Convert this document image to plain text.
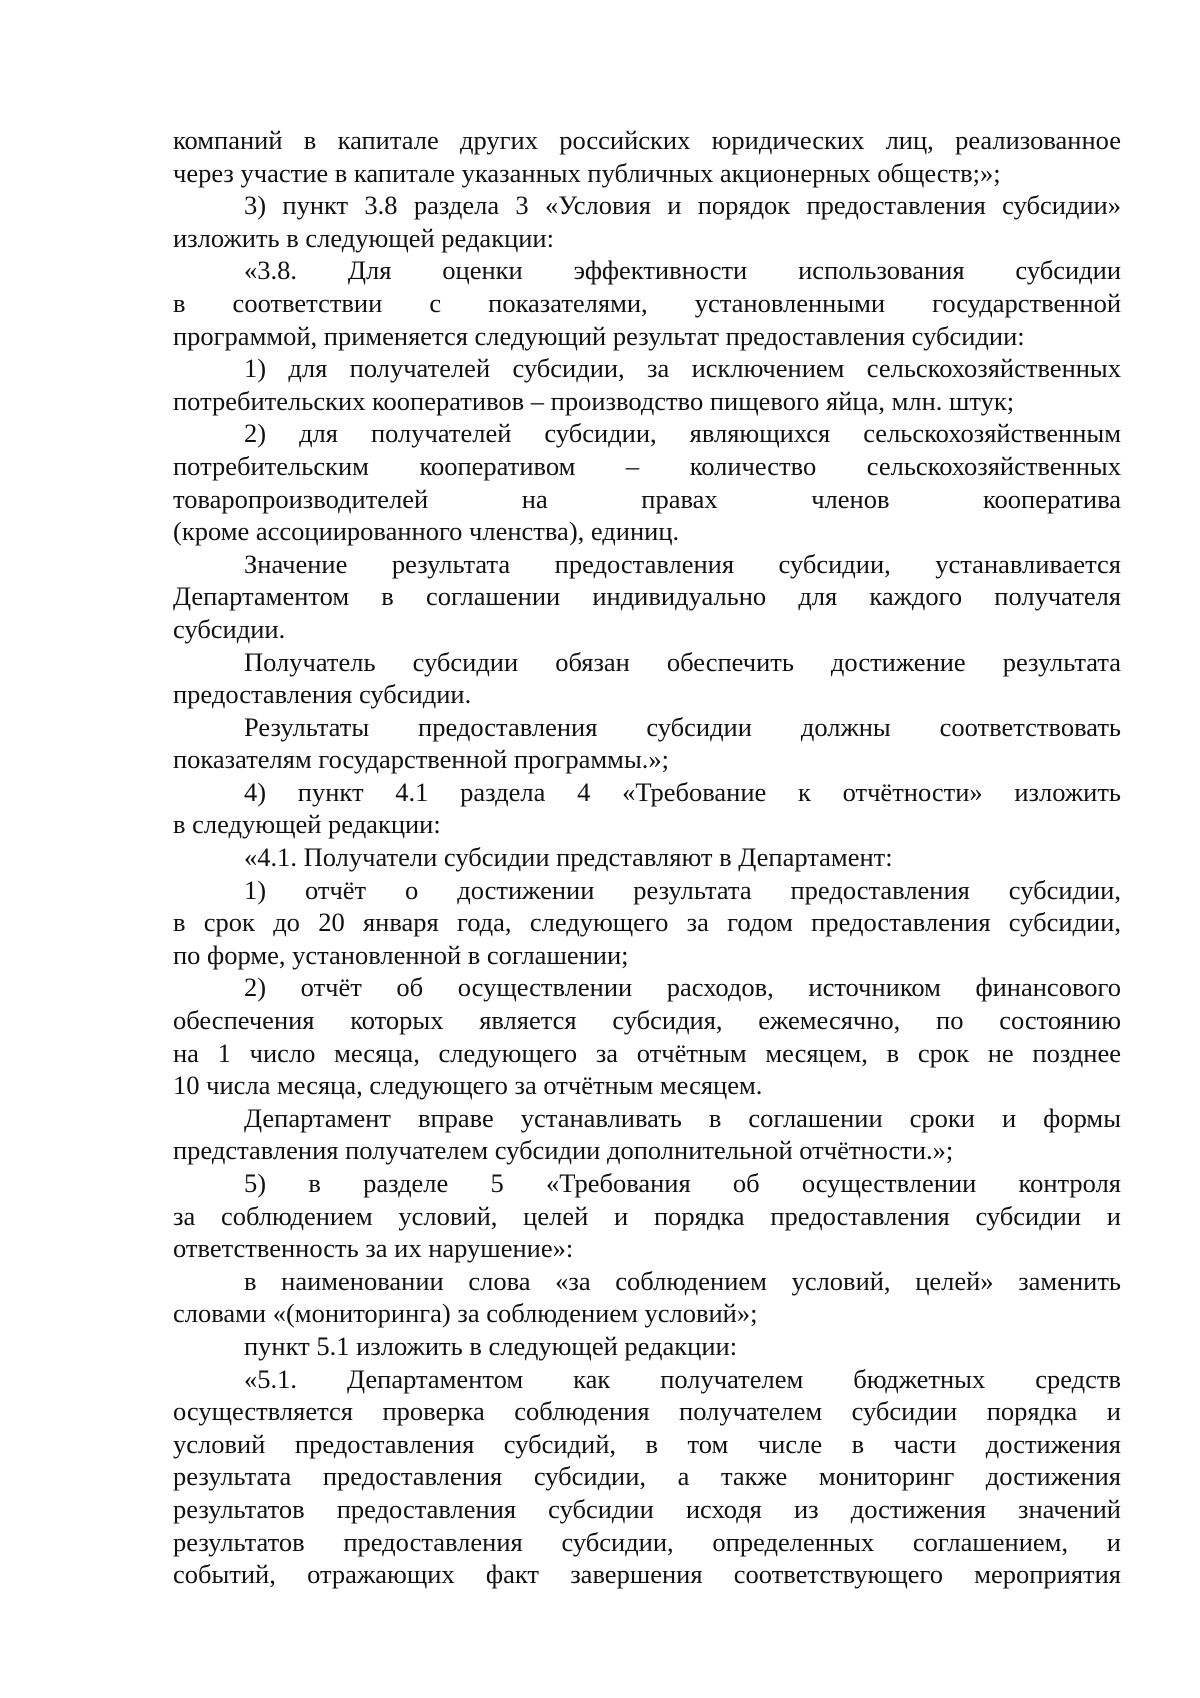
компаний в капитале других российских юридических лиц, реализованное
через участие в капитале указанных публичных акционерных обществ;»;
3) пункт 3.8 раздела 3 «Условия и порядок предоставления субсидии»
изложить в следующей редакции:
«3.8. Для оценки эффективности использования субсидии
в соответствии с показателями, установленными государственной
программой, применяется следующий результат предоставления субсидии:
1) для получателей субсидии, за исключением сельскохозяйственных
потребительских кооперативов – производство пищевого яйца, млн. штук;
2) для получателей субсидии, являющихся сельскохозяйственным
потребительским кооперативом – количество сельскохозяйственных
товаропроизводителей на правах членов кооператива
(кроме ассоциированного членства), единиц.
Значение результата предоставления субсидии, устанавливается
Департаментом в соглашении индивидуально для каждого получателя
субсидии.
Получатель субсидии обязан обеспечить достижение результата
предоставления субсидии.
Результаты предоставления субсидии должны соответствовать
показателям государственной программы.»;
4) пункт 4.1 раздела 4 «Требование к отчётности» изложить
в следующей редакции:
«4.1. Получатели субсидии представляют в Департамент:
1) отчёт о достижении результата предоставления субсидии,
в срок до 20 января года, следующего за годом предоставления субсидии,
по форме, установленной в соглашении;
2) отчёт об осуществлении расходов, источником финансового
обеспечения которых является субсидия, ежемесячно, по состоянию
на 1 число месяца, следующего за отчётным месяцем, в срок не позднее
10 числа месяца, следующего за отчётным месяцем.
Департамент вправе устанавливать в соглашении сроки и формы
представления получателем субсидии дополнительной отчётности.»;
5) в разделе 5 «Требования об осуществлении контроля
за соблюдением условий, целей и порядка предоставления субсидии и
ответственность за их нарушение»:
в наименовании слова «за соблюдением условий, целей» заменить
словами «(мониторинга) за соблюдением условий»;
пункт 5.1 изложить в следующей редакции:
«5.1. Департаментом как получателем бюджетных средств
осуществляется проверка соблюдения получателем субсидии порядка и
условий предоставления субсидий, в том числе в части достижения
результата предоставления субсидии, а также мониторинг достижения
результатов предоставления субсидии исходя из достижения значений
результатов предоставления субсидии, определенных соглашением, и
событий, отражающих факт завершения соответствующего мероприятия
